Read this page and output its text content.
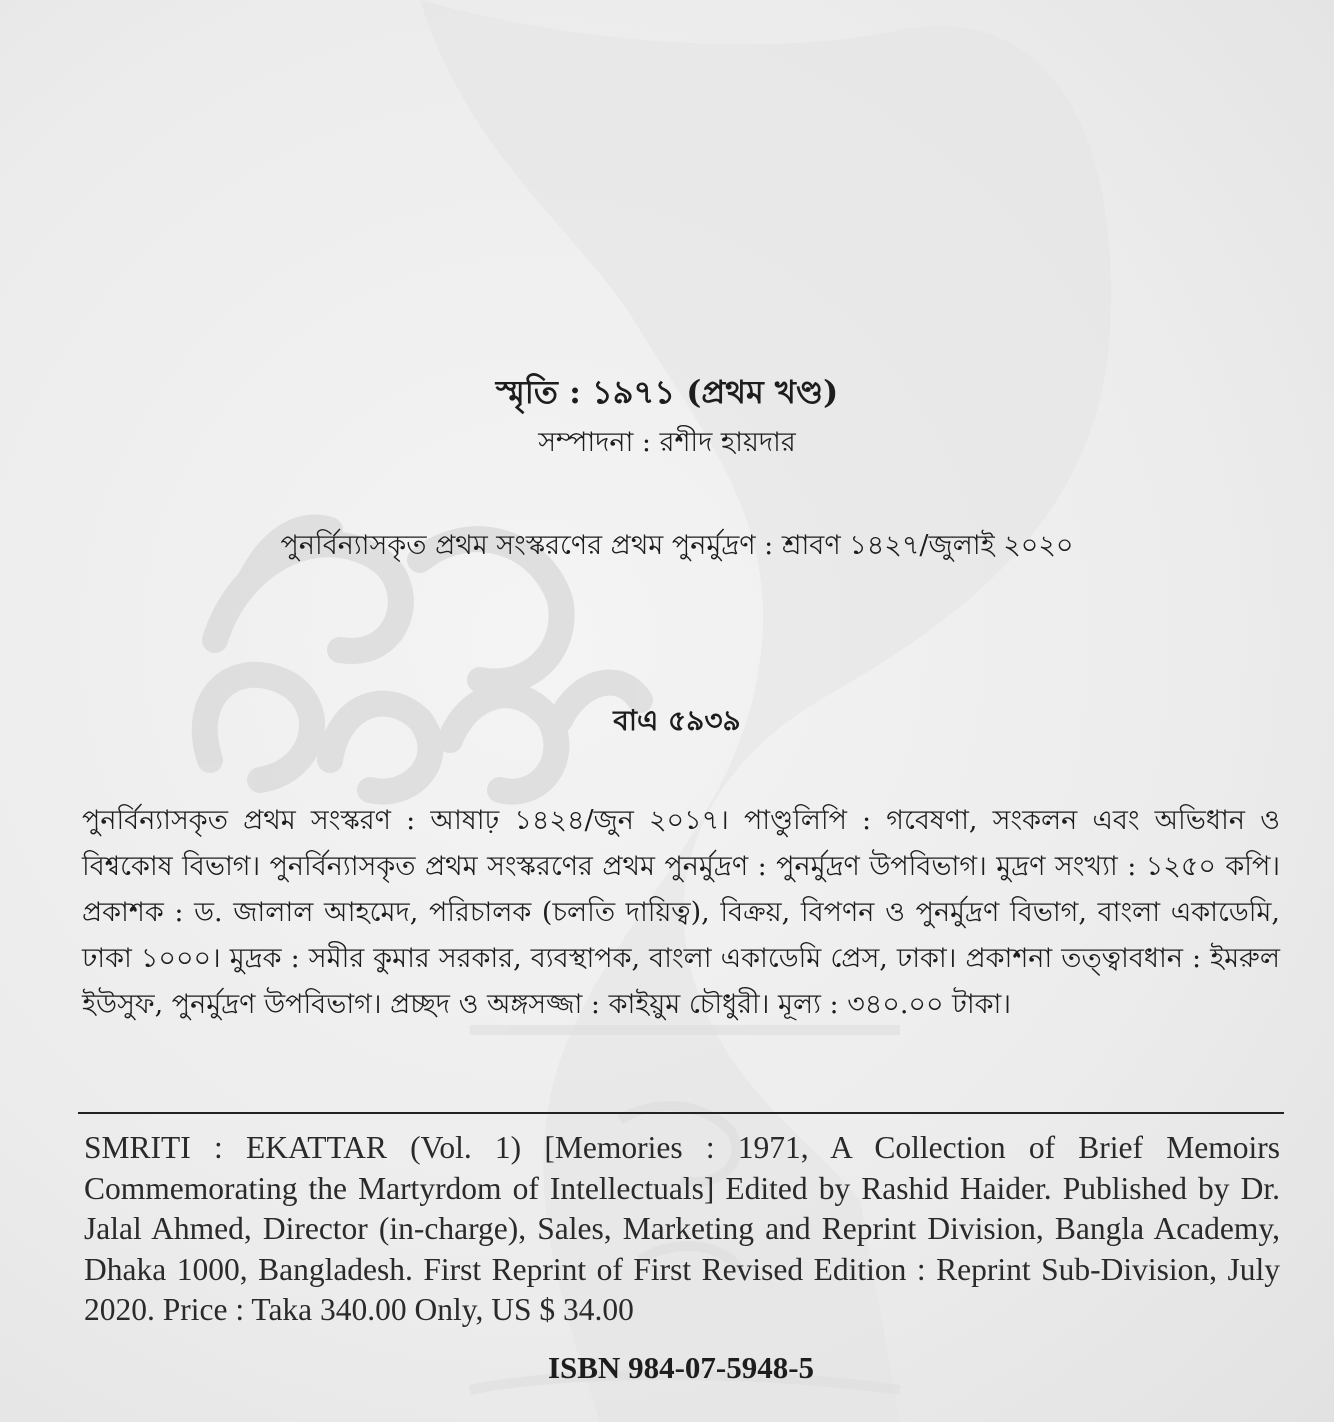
স্মৃতি : ১৯৭১ (প্রথম খণ্ড)
সম্পাদনা : রশীদ হায়দার
পুনর্বিন্যাসকৃত প্রথম সংস্করণের প্রথম পুনর্মুদ্রণ : শ্রাবণ ১৪২৭/জুলাই ২০২০
বাএ ৫৯৩৯
পুনর্বিন্যাসকৃত প্রথম সংস্করণ : আষাঢ় ১৪২৪/জুন ২০১৭। পাণ্ডুলিপি : গবেষণা, সংকলন এবং অভিধান ও বিশ্বকোষ বিভাগ। পুনর্বিন্যাসকৃত প্রথম সংস্করণের প্রথম পুনর্মুদ্রণ : পুনর্মুদ্রণ উপবিভাগ। মুদ্রণ সংখ্যা : ১২৫০ কপি। প্রকাশক : ড. জালাল আহমেদ, পরিচালক (চলতি দায়িত্ব), বিক্রয়, বিপণন ও পুনর্মুদ্রণ বিভাগ, বাংলা একাডেমি, ঢাকা ১০০০। মুদ্রক : সমীর কুমার সরকার, ব্যবস্থাপক, বাংলা একাডেমি প্রেস, ঢাকা। প্রকাশনা তত্ত্বাবধান : ইমরুল ইউসুফ, পুনর্মুদ্রণ উপবিভাগ। প্রচ্ছদ ও অঙ্গসজ্জা : কাইয়ুম চৌধুরী। মূল্য : ৩৪০.০০ টাকা।
SMRITI : EKATTAR (Vol. 1) [Memories : 1971, A Collection of Brief Memoirs Commemorating the Martyrdom of Intellectuals] Edited by Rashid Haider. Published by Dr. Jalal Ahmed, Director (in-charge), Sales, Marketing and Reprint Division, Bangla Academy, Dhaka 1000, Bangladesh. First Reprint of First Revised Edition : Reprint Sub-Division, July 2020. Price : Taka 340.00 Only, US $ 34.00
ISBN 984-07-5948-5
